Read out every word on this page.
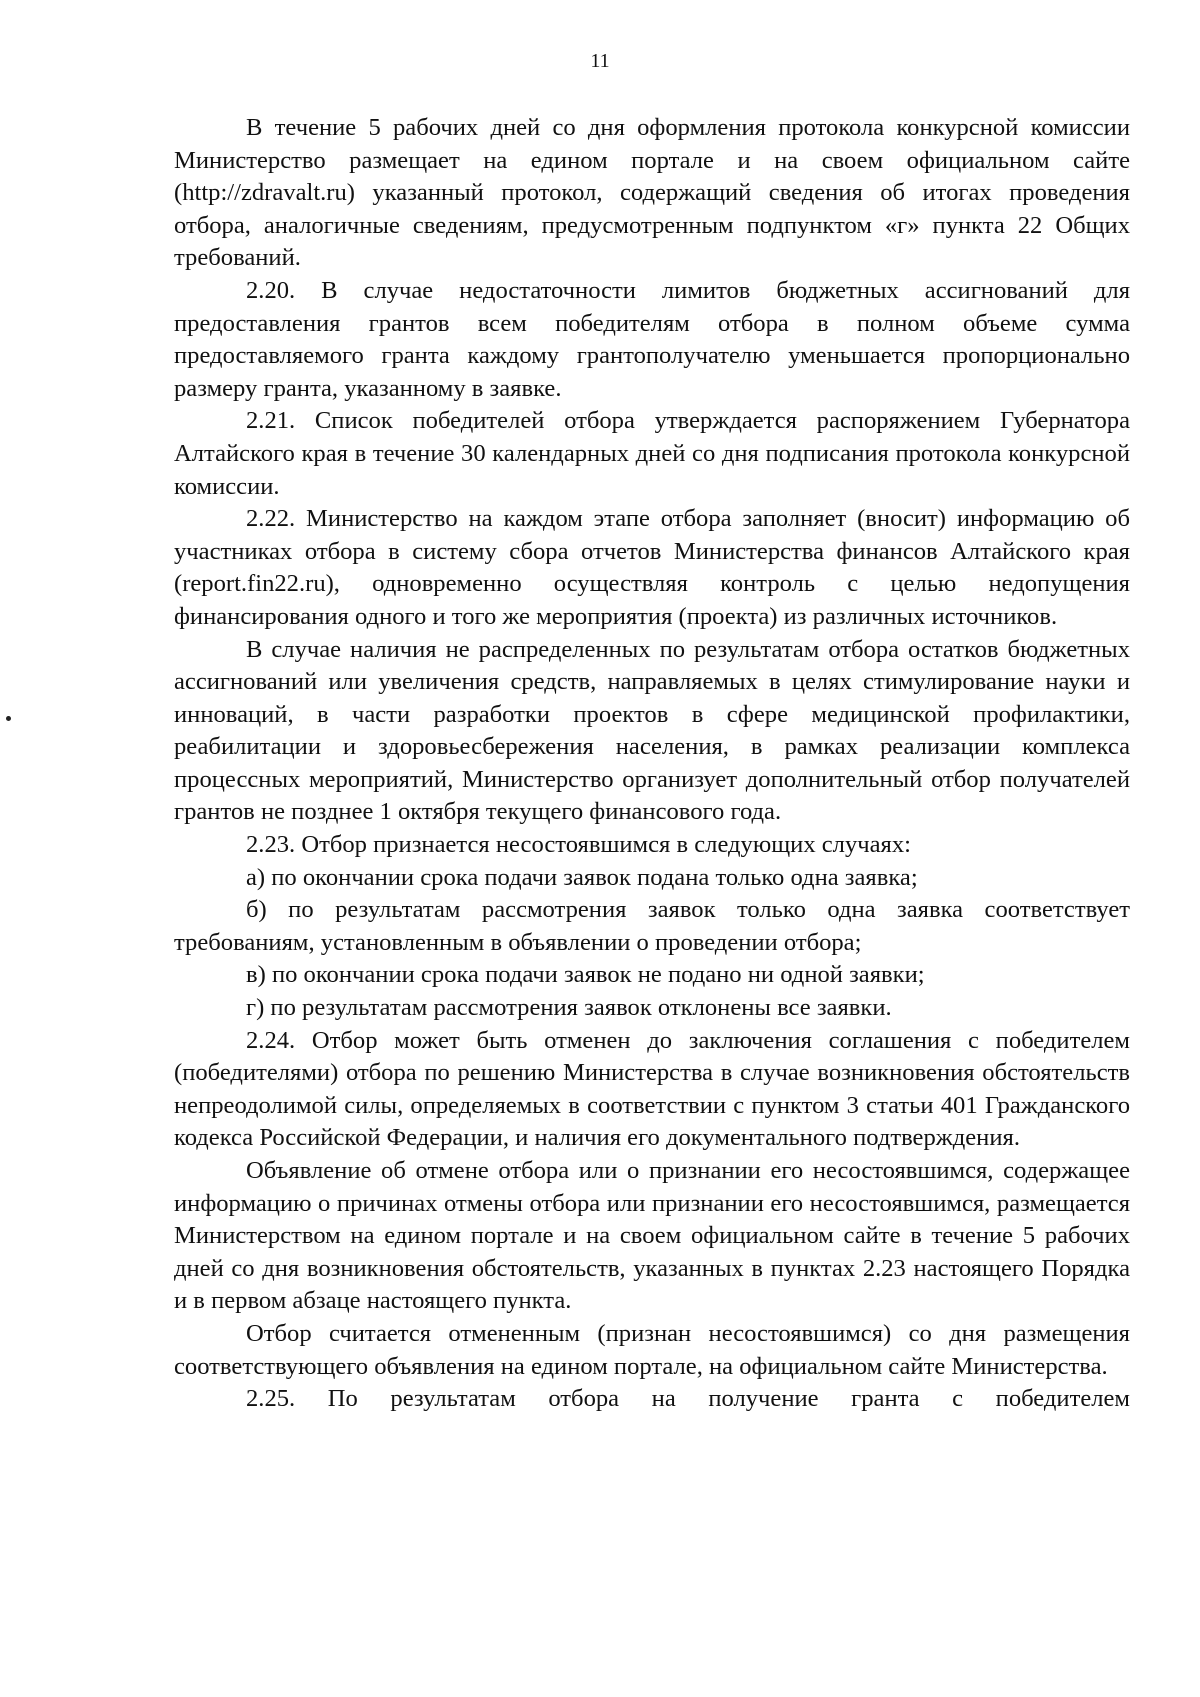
11

В течение 5 рабочих дней со дня оформления протокола конкурсной комиссии Министерство размещает на едином портале и на своем официальном сайте (http://zdravalt.ru) указанный протокол, содержащий сведения об итогах проведения отбора, аналогичные сведениям, предусмотренным подпунктом «г» пункта 22 Общих требований.

2.20. В случае недостаточности лимитов бюджетных ассигнований для предоставления грантов всем победителям отбора в полном объеме сумма предоставляемого гранта каждому грантополучателю уменьшается пропорционально размеру гранта, указанному в заявке.

2.21. Список победителей отбора утверждается распоряжением Губернатора Алтайского края в течение 30 календарных дней со дня подписания протокола конкурсной комиссии.

2.22. Министерство на каждом этапе отбора заполняет (вносит) информацию об участниках отбора в систему сбора отчетов Министерства финансов Алтайского края (report.fin22.ru), одновременно осуществляя контроль с целью недопущения финансирования одного и того же мероприятия (проекта) из различных источников.

В случае наличия не распределенных по результатам отбора остатков бюджетных ассигнований или увеличения средств, направляемых в целях стимулирование науки и инноваций, в части разработки проектов в сфере медицинской профилактики, реабилитации и здоровьесбережения населения, в рамках реализации комплекса процессных мероприятий, Министерство организует дополнительный отбор получателей грантов не позднее 1 октября текущего финансового года.

2.23. Отбор признается несостоявшимся в следующих случаях:

а) по окончании срока подачи заявок подана только одна заявка;

б) по результатам рассмотрения заявок только одна заявка соответствует требованиям, установленным в объявлении о проведении отбора;

в) по окончании срока подачи заявок не подано ни одной заявки;

г) по результатам рассмотрения заявок отклонены все заявки.

2.24. Отбор может быть отменен до заключения соглашения с победителем (победителями) отбора по решению Министерства в случае возникновения обстоятельств непреодолимой силы, определяемых в соответствии с пунктом 3 статьи 401 Гражданского кодекса Российской Федерации, и наличия его документального подтверждения.

Объявление об отмене отбора или о признании его несостоявшимся, содержащее информацию о причинах отмены отбора или признании его несостоявшимся, размещается Министерством на едином портале и на своем официальном сайте в течение 5 рабочих дней со дня возникновения обстоятельств, указанных в пунктах 2.23 настоящего Порядка и в первом абзаце настоящего пункта.

Отбор считается отмененным (признан несостоявшимся) со дня размещения соответствующего объявления на едином портале, на официальном сайте Министерства.

2.25. По результатам отбора на получение гранта с победителем
